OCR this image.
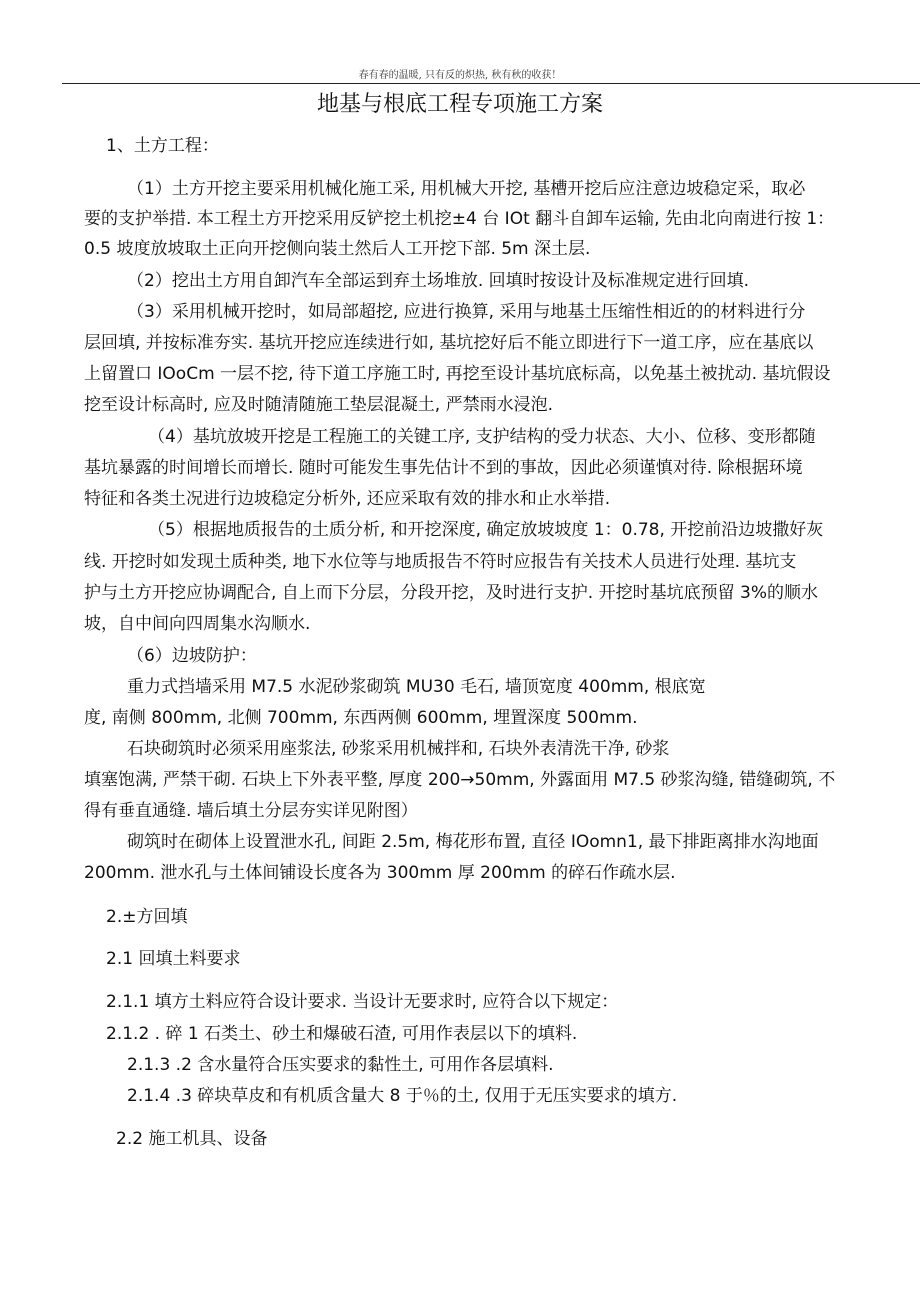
春有春的温暖, 只有反的炽热, 秋有秋的收获！
地基与根底工程专项施工方案
1、土方工程：
（1）土方开挖主要采用机械化施工采, 用机械大开挖, 基槽开挖后应注意边坡稳定采，取必
要的支护举措. 本工程土方开挖采用反铲挖土机挖±4 台 IOt 翻斗自卸车运输, 先由北向南进行按 1：
0.5 坡度放坡取土正向开挖侧向装土然后人工开挖下部. 5m 深土层.
（2）挖出土方用自卸汽车全部运到弃土场堆放. 回填时按设计及标准规定进行回填.
（3）采用机械开挖时，如局部超挖, 应进行换算, 采用与地基土压缩性相近的的材料进行分
层回填, 并按标准夯实. 基坑开挖应连续进行如, 基坑挖好后不能立即进行下一道工序，应在基底以
上留置口 IOoCm 一层不挖, 待下道工序施工时, 再挖至设计基坑底标高，以免基土被扰动. 基坑假设
挖至设计标高时, 应及时随清随施工垫层混凝土, 严禁雨水浸泡.
（4）基坑放坡开挖是工程施工的关键工序, 支护结构的受力状态、大小、位移、变形都随
基坑暴露的时间增长而增长. 随时可能发生事先估计不到的事故，因此必须谨慎对待. 除根据环境
特征和各类土况进行边坡稳定分析外, 还应采取有效的排水和止水举措.
（5）根据地质报告的土质分析, 和开挖深度, 确定放坡坡度 1：0.78, 开挖前沿边坡撒好灰
线. 开挖时如发现土质种类, 地下水位等与地质报告不符时应报告有关技术人员进行处理. 基坑支
护与土方开挖应协调配合, 自上而下分层，分段开挖，及时进行支护. 开挖时基坑底预留 3%的顺水
坡，自中间向四周集水沟顺水.
（6）边坡防护：
重力式挡墙采用 M7.5 水泥砂浆砌筑 MU30 毛石, 墙顶宽度 400mm, 根底宽
度, 南侧 800mm, 北侧 700mm, 东西两侧 600mm, 埋置深度 500mm.
石块砌筑时必须采用座浆法, 砂浆采用机械拌和, 石块外表清洗干净, 砂浆
填塞饱满, 严禁干砌. 石块上下外表平整, 厚度 200→50mm, 外露面用 M7.5 砂浆沟缝, 错缝砌筑, 不
得有垂直通缝. 墙后填土分层夯实详见附图）
砌筑时在砌体上设置泄水孔, 间距 2.5m, 梅花形布置, 直径 IOomn1, 最下排距离排水沟地面
200mm. 泄水孔与土体间铺设长度各为 300mm 厚 200mm 的碎石作疏水层.
2.±方回填
2.1 回填土料要求
2.1.1 填方土料应符合设计要求. 当设计无要求时, 应符合以下规定：
2.1.2 . 碎 1 石类土、砂土和爆破石渣, 可用作表层以下的填料.
2.1.3 .2 含水量符合压实要求的黏性土, 可用作各层填料.
2.1.4 .3 碎块草皮和有机质含量大 8 于％的土, 仅用于无压实要求的填方.
2.2 施工机具、设备
